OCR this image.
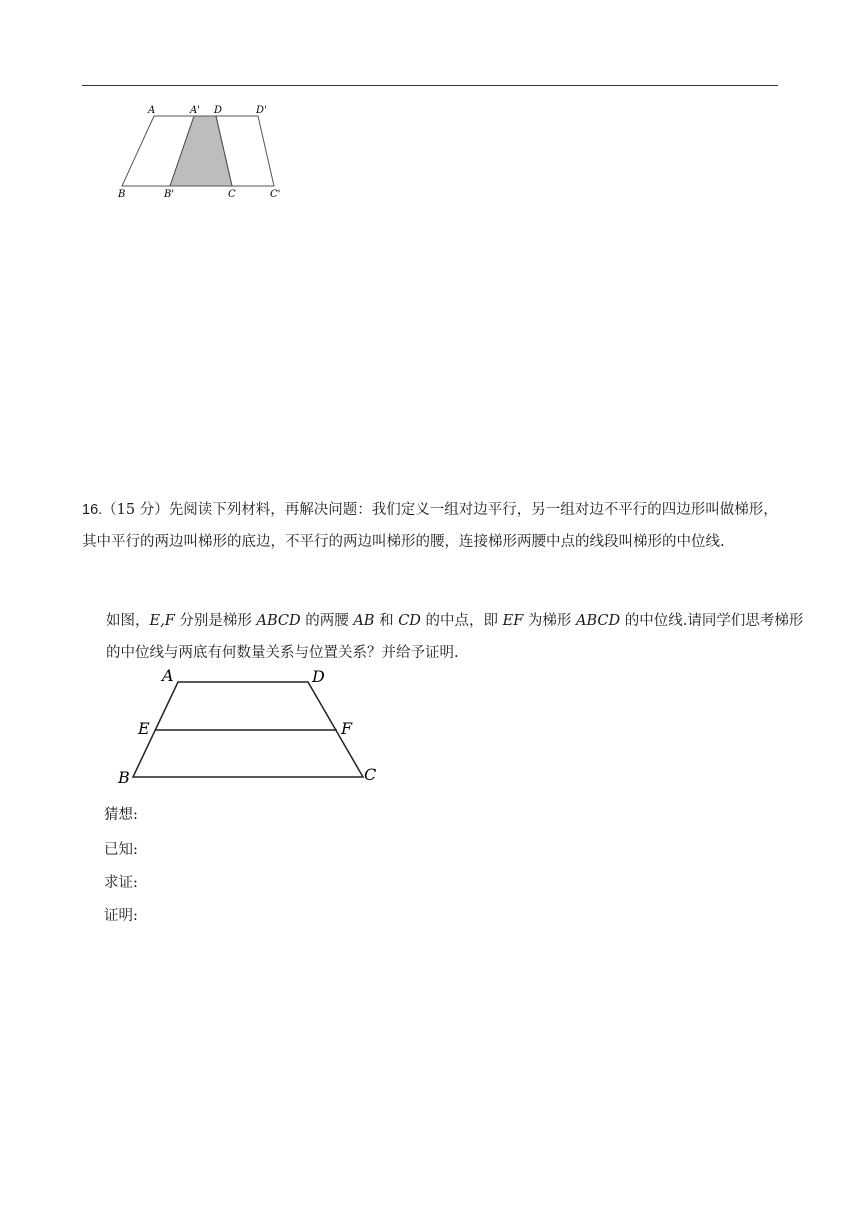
A	A' D	D'
B	B'	C	C'
16.（15 分）先阅读下列材料，再解决问题：我们定义一组对边平行，另一组对边不平行的四边形叫做梯形，其中平行的两边叫梯形的底边，不平行的两边叫梯形的腰，连接梯形两腰中点的线段叫梯形的中位线.
如图，E,F 分别是梯形 ABCD 的两腰 AB 和 CD 的中点，即 EF 为梯形 ABCD 的中位线.请同学们思考梯形的中位线与两底有何数量关系与位置关系？并给予证明.
A	D
E	F
B	C
猜想:
已知:
求证:
证明:
